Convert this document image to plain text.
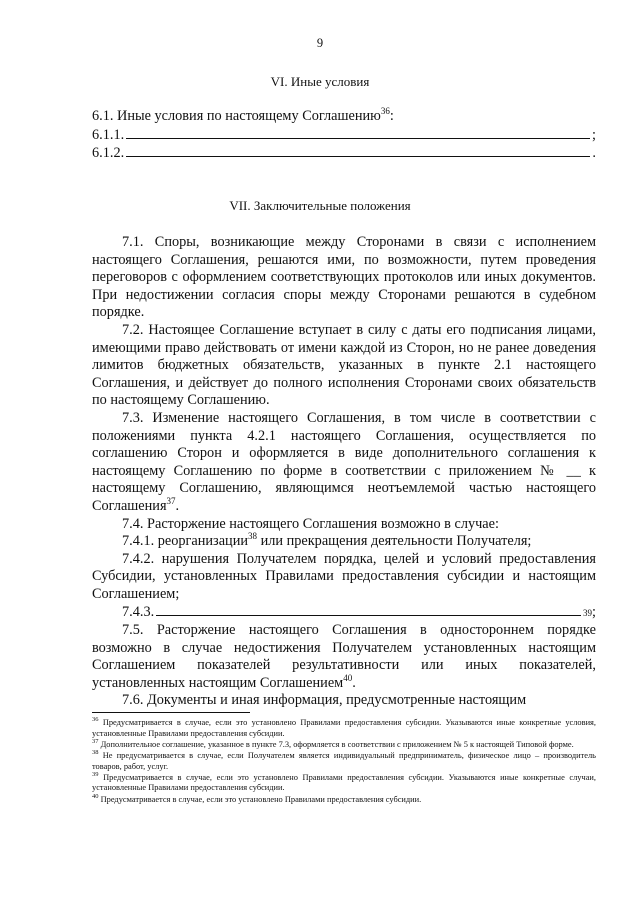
9
VI. Иные условия

6.1. Иные условия по настоящему Соглашению$^{36}$:

6.1.1.	;
6.1.2.	.
VII. Заключительные положения

7.1. Споры, возникающие между Сторонами в связи с исполнением настоящего Соглашения, решаются ими, по возможности, путем проведения переговоров с оформлением соответствующих протоколов или иных документов. При недостижении согласия споры между Сторонами решаются в судебном порядке.

7.2. Настоящее Соглашение вступает в силу с даты его подписания лицами, имеющими право действовать от имени каждой из Сторон, но не ранее доведения лимитов бюджетных обязательств, указанных в пункте 2.1 настоящего Соглашения, и действует до полного исполнения Сторонами своих обязательств по настоящему Соглашению.

7.3. Изменение настоящего Соглашения, в том числе в соответствии с положениями пункта 4.2.1 настоящего Соглашения, осуществляется по соглашению Сторон и оформляется в виде дополнительного соглашения к настоящему Соглашению по форме в соответствии с приложением № __ к настоящему Соглашению, являющимся неотъемлемой частью настоящего Соглашения$^{37}$.

7.4. Расторжение настоящего Соглашения возможно в случае:

7.4.1. реорганизации$^{38}$ или прекращения деятельности Получателя;

7.4.2. нарушения Получателем порядка, целей и условий предоставления Субсидии, установленных Правилами предоставления субсидии и настоящим Соглашением;

7.4.3.	39 ;

7.5. Расторжение настоящего Соглашения в одностороннем порядке возможно в случае недостижения Получателем установленных настоящим Соглашением показателей результативности или иных показателей, установленных настоящим Соглашением$^{40}$.

7.6. Документы и иная информация, предусмотренные настоящим

$^{36}$ Предусматривается в случае, если это установлено Правилами предоставления субсидии. Указываются иные конкретные условия, установленные Правилами предоставления субсидии.

$^{37}$ Дополнительное соглашение, указанное в пункте 7.3, оформляется в соответствии с приложением № 5 к настоящей Типовой форме.

$^{38}$ Не предусматривается в случае, если Получателем является индивидуальный предприниматель, физическое лицо – производитель товаров, работ, услуг.

$^{39}$ Предусматривается в случае, если это установлено Правилами предоставления субсидии. Указываются иные конкретные случаи, установленные Правилами предоставления субсидии.

$^{40}$ Предусматривается в случае, если это установлено Правилами предоставления субсидии.
